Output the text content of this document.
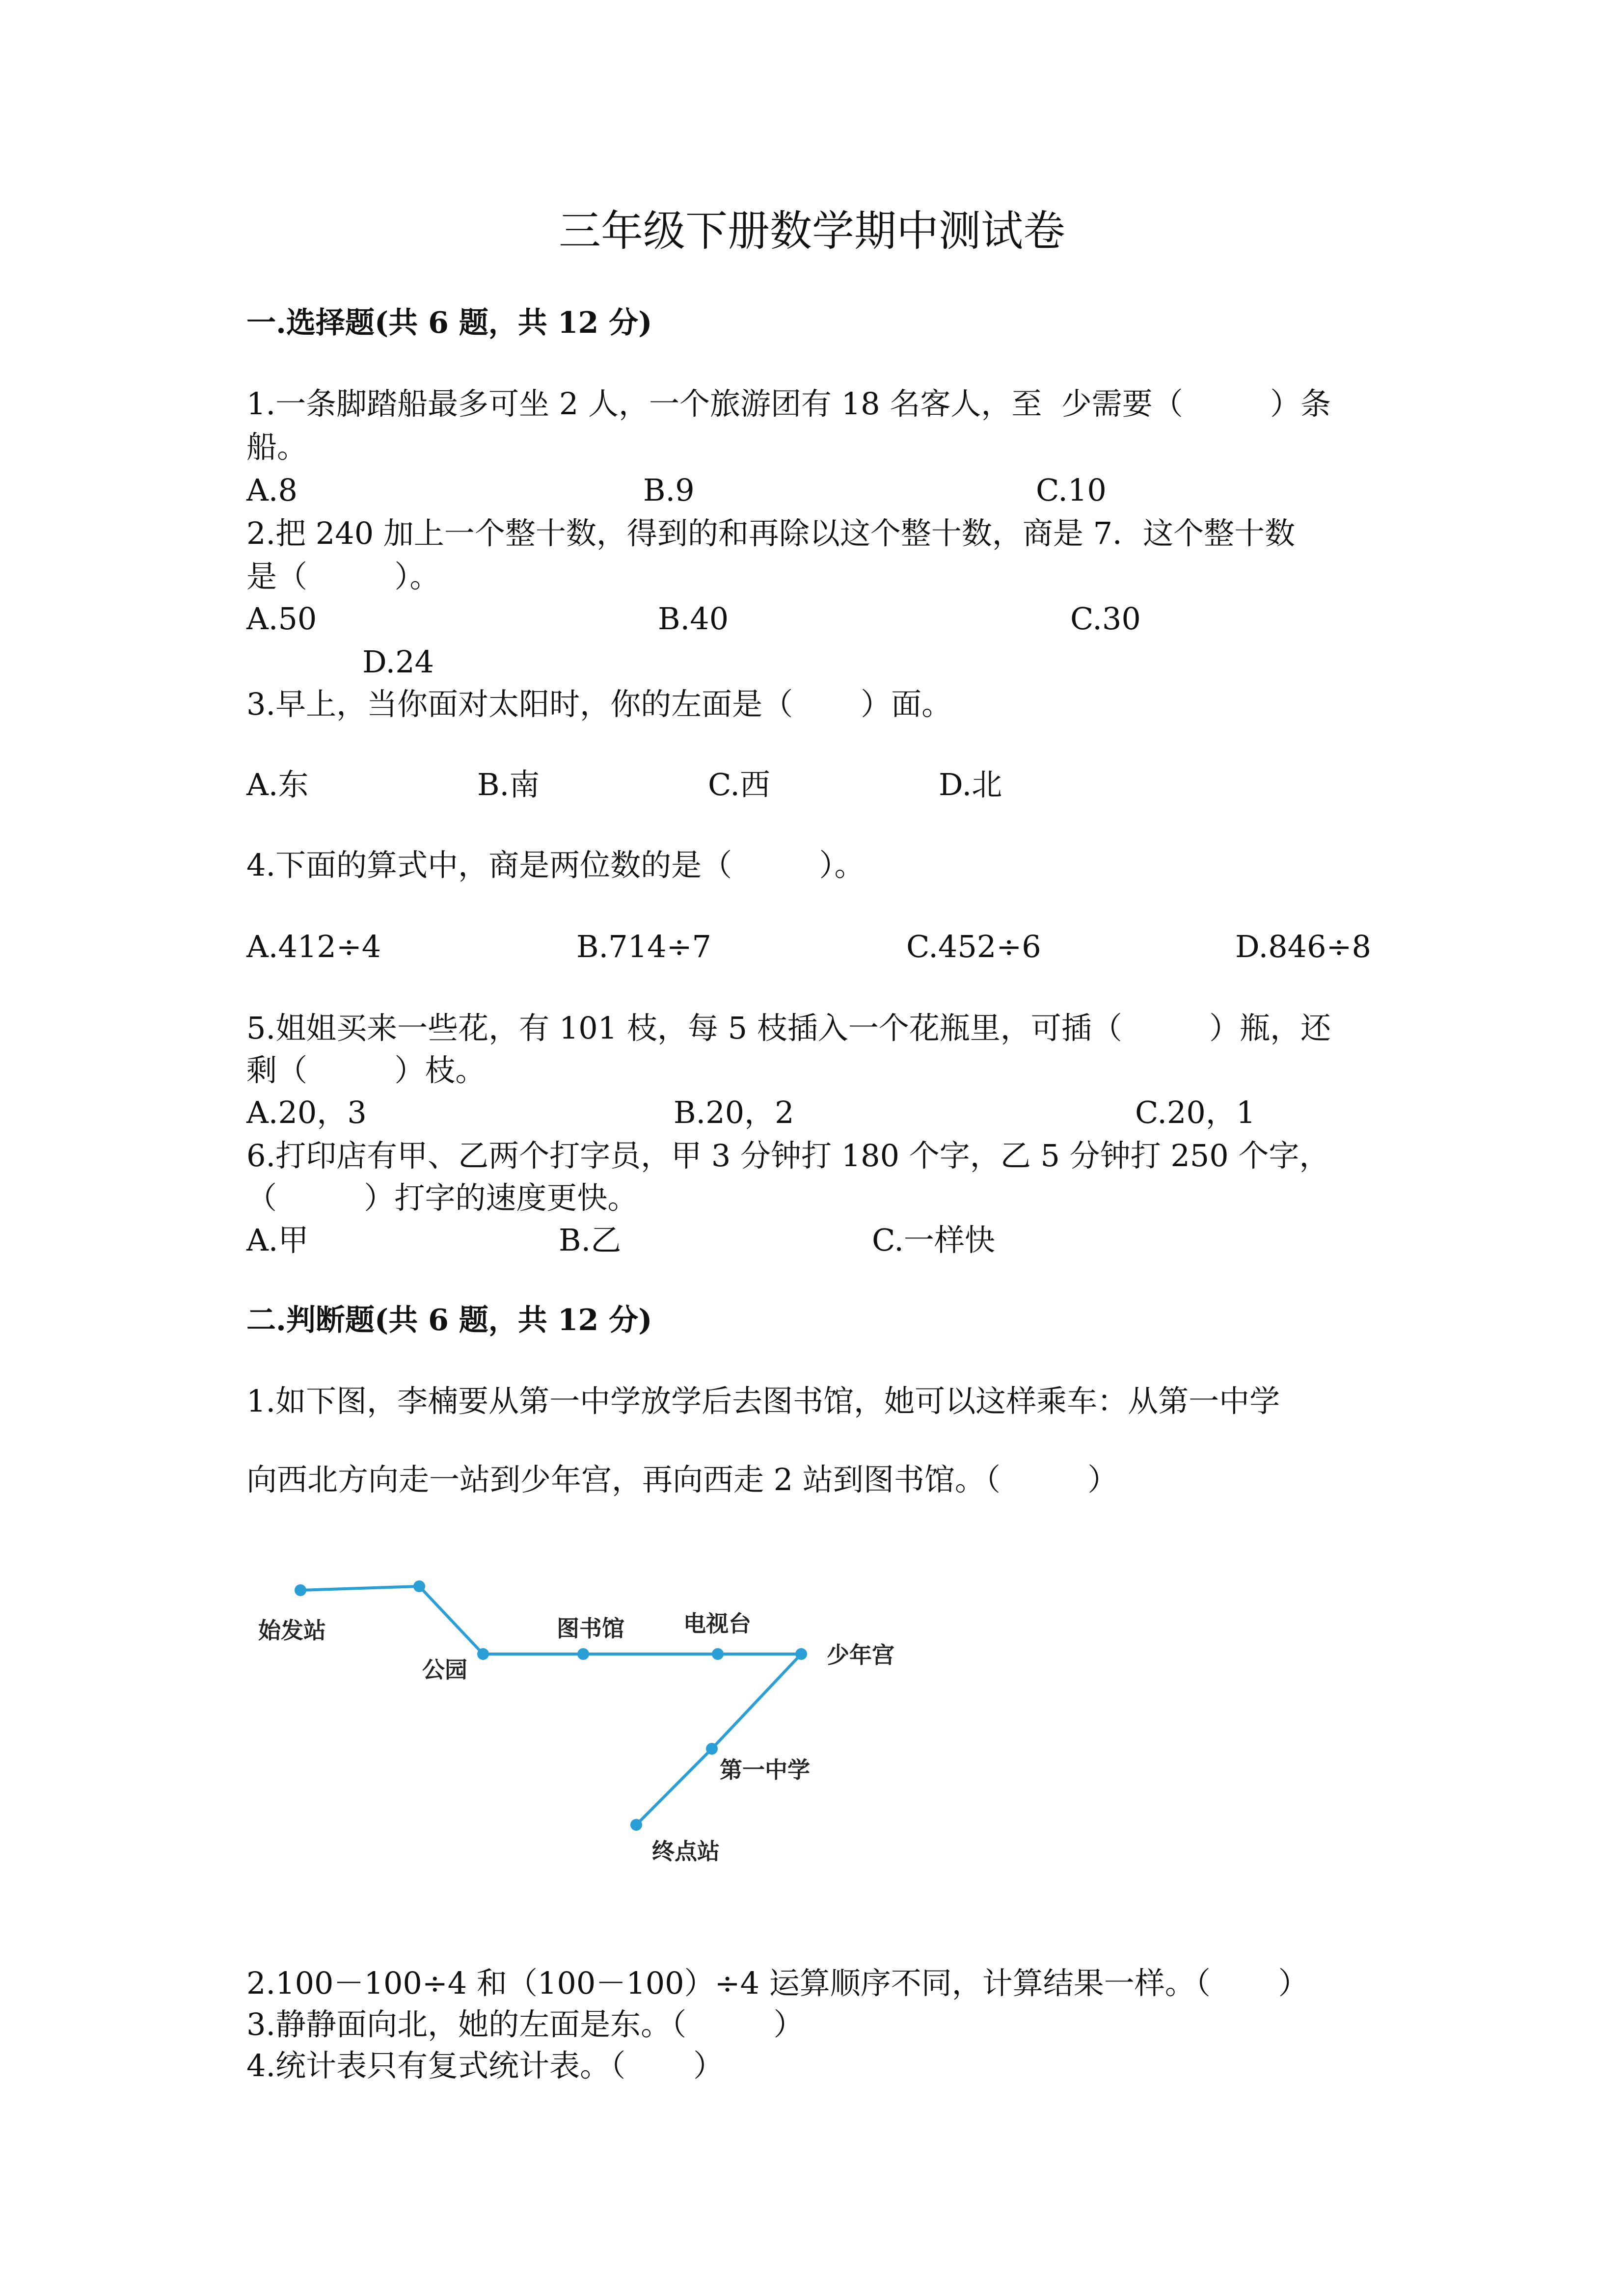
三年级下册数学期中测试卷
一.选择题(共 6 题，共 12 分)
1.一条脚踏船最多可坐 2 人，一个旅游团有 18 名客人，至  少需要（         ）条
船。
A.8	B.9	C.10
2.把 240 加上一个整十数，得到的和再除以这个整十数，商是 7．这个整十数
是（         ）。
A.50	B.40	C.30
D.24
3.早上，当你面对太阳时，你的左面是（       ）面。
A.东	B.南	C.西	D.北
4.下面的算式中，商是两位数的是（         ）。
A.412÷4	B.714÷7	C.452÷6	D.846÷8
5.姐姐买来一些花，有 101 枝，每 5 枝插入一个花瓶里，可插（         ）瓶，还
剩（         ）枝。
A.20，3	B.20，2	C.20，1
6.打印店有甲、乙两个打字员，甲 3 分钟打 180 个字，乙 5 分钟打 250 个字，
（         ）打字的速度更快。
A.甲	B.乙	C.一样快
二.判断题(共 6 题，共 12 分)
1.如下图，李楠要从第一中学放学后去图书馆，她可以这样乘车：从第一中学
向西北方向走一站到少年宫，再向西走 2 站到图书馆。（         ）
始发站
公园
图书馆	电视台
少年宫
第一中学
终点站
2.100－100÷4 和（100－100）÷4 运算顺序不同，计算结果一样。（       ）
3.静静面向北，她的左面是东。（         ）
4.统计表只有复式统计表。（       ）
